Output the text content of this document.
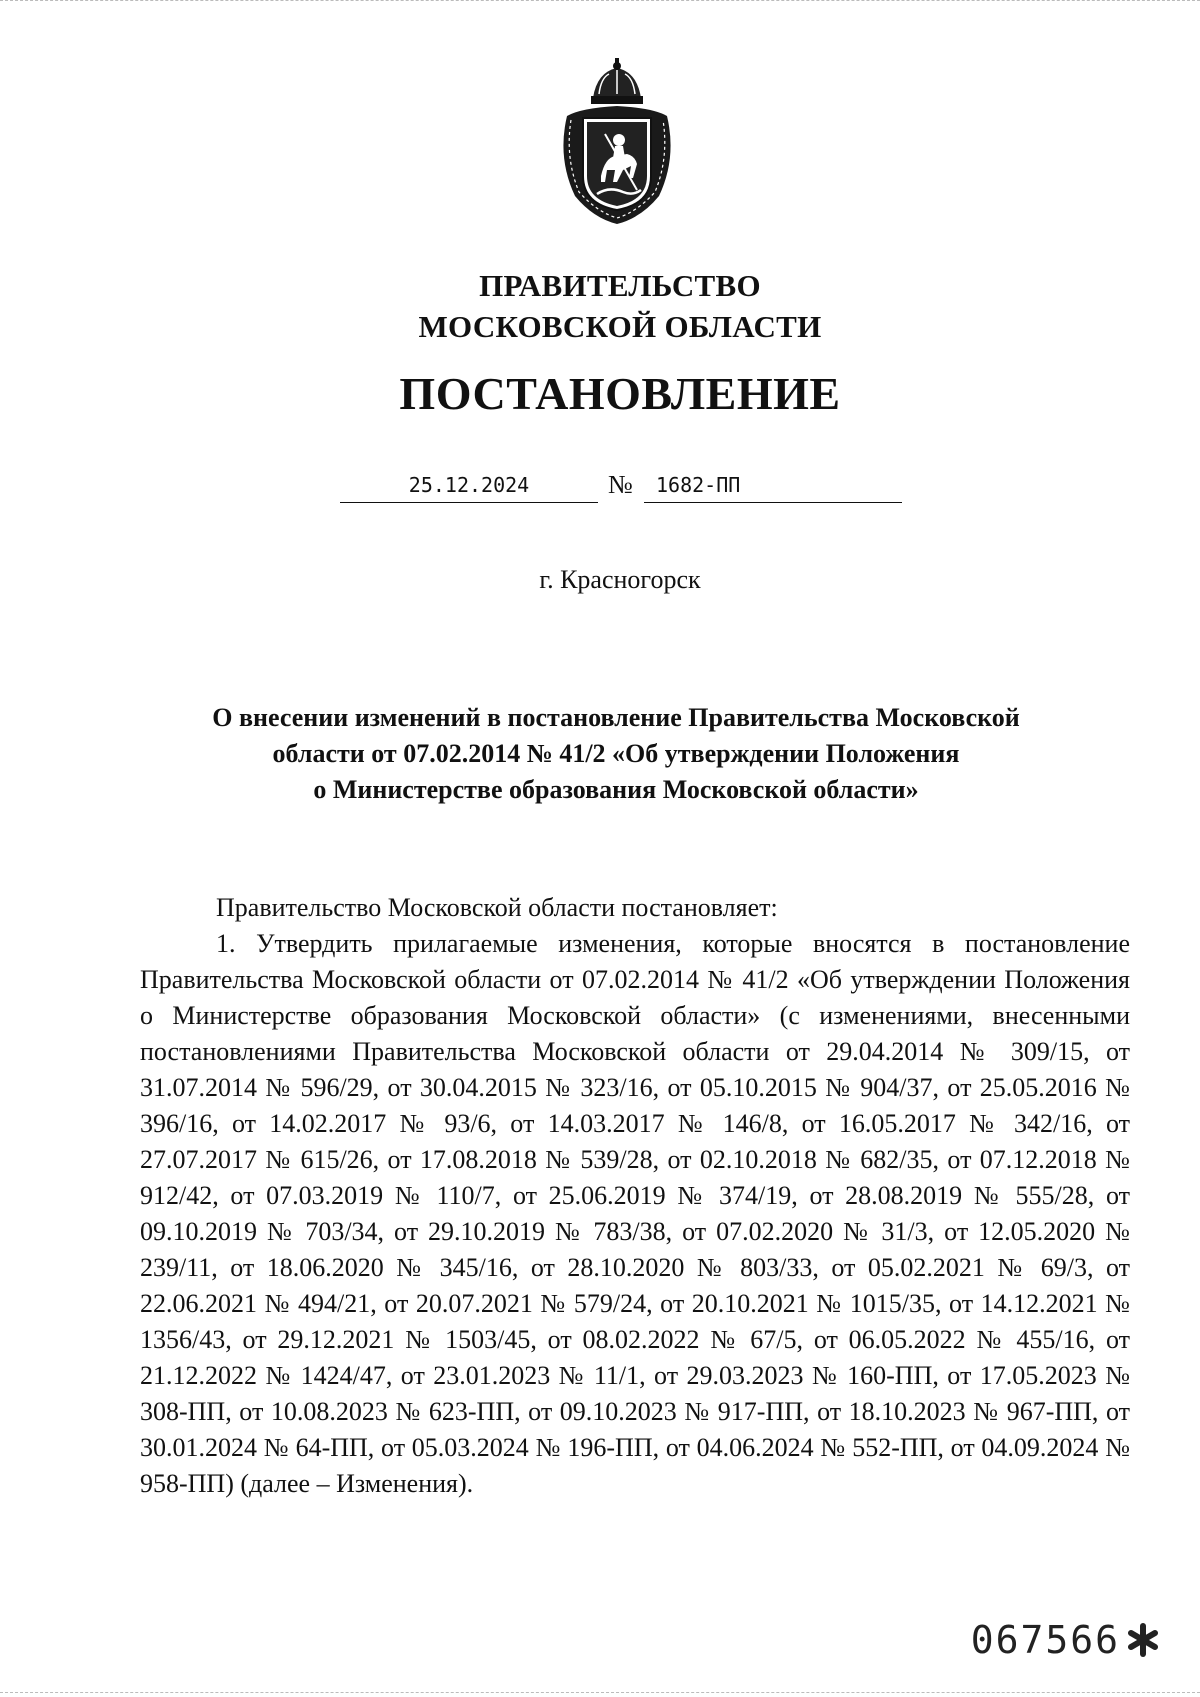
ПРАВИТЕЛЬСТВО
МОСКОВСКОЙ ОБЛАСТИ
ПОСТАНОВЛЕНИЕ
25.12.2024	№	1682-ПП
г. Красногорск
О внесении изменений в постановление Правительства Московской
области от 07.02.2014 № 41/2 «Об утверждении Положения
о Министерстве образования Московской области»

Правительство Московской области постановляет:

1. Утвердить прилагаемые изменения, которые вносятся в постановление Правительства Московской области от 07.02.2014 № 41/2 «Об утверждении Положения о Министерстве образования Московской области» (с изменениями, внесенными постановлениями Правительства Московской области от 29.04.2014 № 309/15, от 31.07.2014 № 596/29, от 30.04.2015 № 323/16, от 05.10.2015 № 904/37, от 25.05.2016 № 396/16, от 14.02.2017 № 93/6, от 14.03.2017 № 146/8, от 16.05.2017 № 342/16, от 27.07.2017 № 615/26, от 17.08.2018 № 539/28, от 02.10.2018 № 682/35, от 07.12.2018 № 912/42, от 07.03.2019 № 110/7, от 25.06.2019 № 374/19, от 28.08.2019 № 555/28, от 09.10.2019 № 703/34, от 29.10.2019 № 783/38, от 07.02.2020 № 31/3, от 12.05.2020 № 239/11, от 18.06.2020 № 345/16, от 28.10.2020 № 803/33, от 05.02.2021 № 69/3, от 22.06.2021 № 494/21, от 20.07.2021 № 579/24, от 20.10.2021 № 1015/35, от 14.12.2021 № 1356/43, от 29.12.2021 № 1503/45, от 08.02.2022 № 67/5, от 06.05.2022 № 455/16, от 21.12.2022 № 1424/47, от 23.01.2023 № 11/1, от 29.03.2023 № 160-ПП, от 17.05.2023 № 308-ПП, от 10.08.2023 № 623-ПП, от 09.10.2023 № 917-ПП, от 18.10.2023 № 967-ПП, от 30.01.2024 № 64-ПП, от 05.03.2024 № 196-ПП, от 04.06.2024 № 552-ПП, от 04.09.2024 № 958-ПП) (далее – Изменения).

067566
